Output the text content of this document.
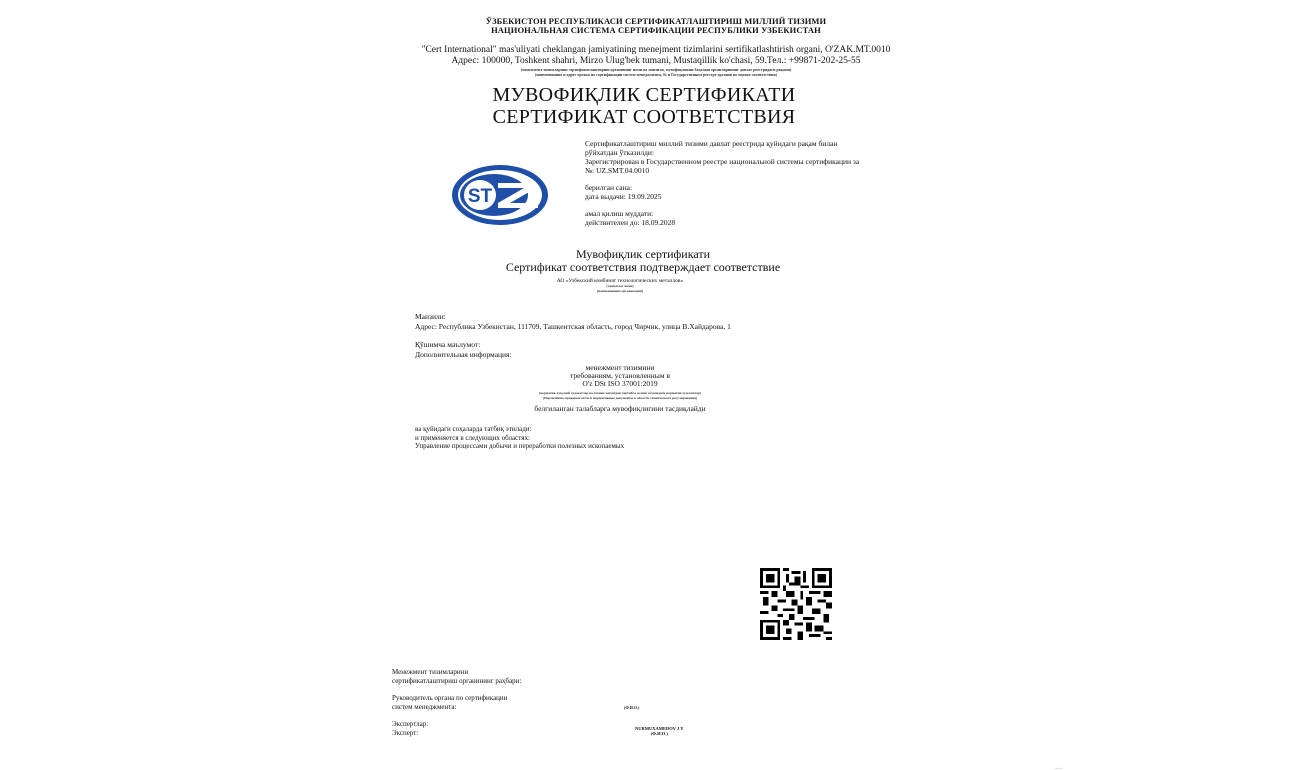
ЎЗБЕКИСТОН РЕСПУБЛИКАСИ СЕРТИФИКАТЛАШТИРИШ МИЛЛИЙ ТИЗИМИ
НАЦИОНАЛЬНАЯ СИСТЕМА СЕРТИФИКАЦИИ РЕСПУБЛИКИ УЗБЕКИСТАН
"Cert International" mas'uliyati cheklangan jamiyatining menejment tizimlarini sertifikatlashtirish organi, O'ZAK.MT.0010
Адрес: 100000, Toshkent shahri, Mirzo Ulug'bek tumani, Mustaqillik ko'chasi, 59.Тел.: +99871-202-25-55
(менежмент тизимларини сертификатлаштириш органининг номи ва манзили, мувофиқликни баҳолаш органларининг давлат реестридаги рақами)
(наименование и адрес органа по сертификации систем менеджмента, № в Государственном реестре органов по оценке соответствия)
МУВОФИҚЛИК СЕРТИФИКАТИ
СЕРТИФИКАТ СООТВЕТСТВИЯ
ST

Сертификатлаштириш миллий тизими давлат реестрида қуйидаги рақам билан
рўйхатдан ўтказилди:
Зарегистрирован в Государственном реестре национальной системы сертификации за
№: UZ.SMT.04.0010

берилган сана:
дата выдачи: 19.09.2025

амал қилиш муддати:
действителен до: 18.09.2028

Мувофиқлик сертификати
Сертификат соответствия подтверждает соответствие
АО «Узбекский комбинат технологических металлов»
(ташкилот номи)
(наименование организации)

Манзили:
Адрес: Республика Узбекистан, 111709, Ташкентская область, город Чирчик, улица В.Хайдарова, 1

Қўшимча маълумот:
Дополнительная информация:

менежмент тизимини
требованиям, установленным в
O'z DSt ISO 37001:2019
(норматив-ҳуқуқий ҳужжатлар ва техник жиҳатдан тартибга солиш соҳасидаги норматив ҳужжатлар)
(Нормативно-правовые акты и нормативные документы в области технического регулирования)
белгиланган талабларга мувофиқлигини тасдиқлайди
ва қуйидаги соҳаларда татбиқ этилади:
и применяется в следующих областях:
Управление процессами добычи и переработки полезных ископаемых

Менежмент тизимларини
сертификатлаштириш органининг раҳбари:

Руководитель органа по сертификации
систем менеджмента:

Экспертлар:
Эксперт:

(Ф.И.О.)
NURMUXAMEDOV J Y
(Ф.И.О.)
«» «»
